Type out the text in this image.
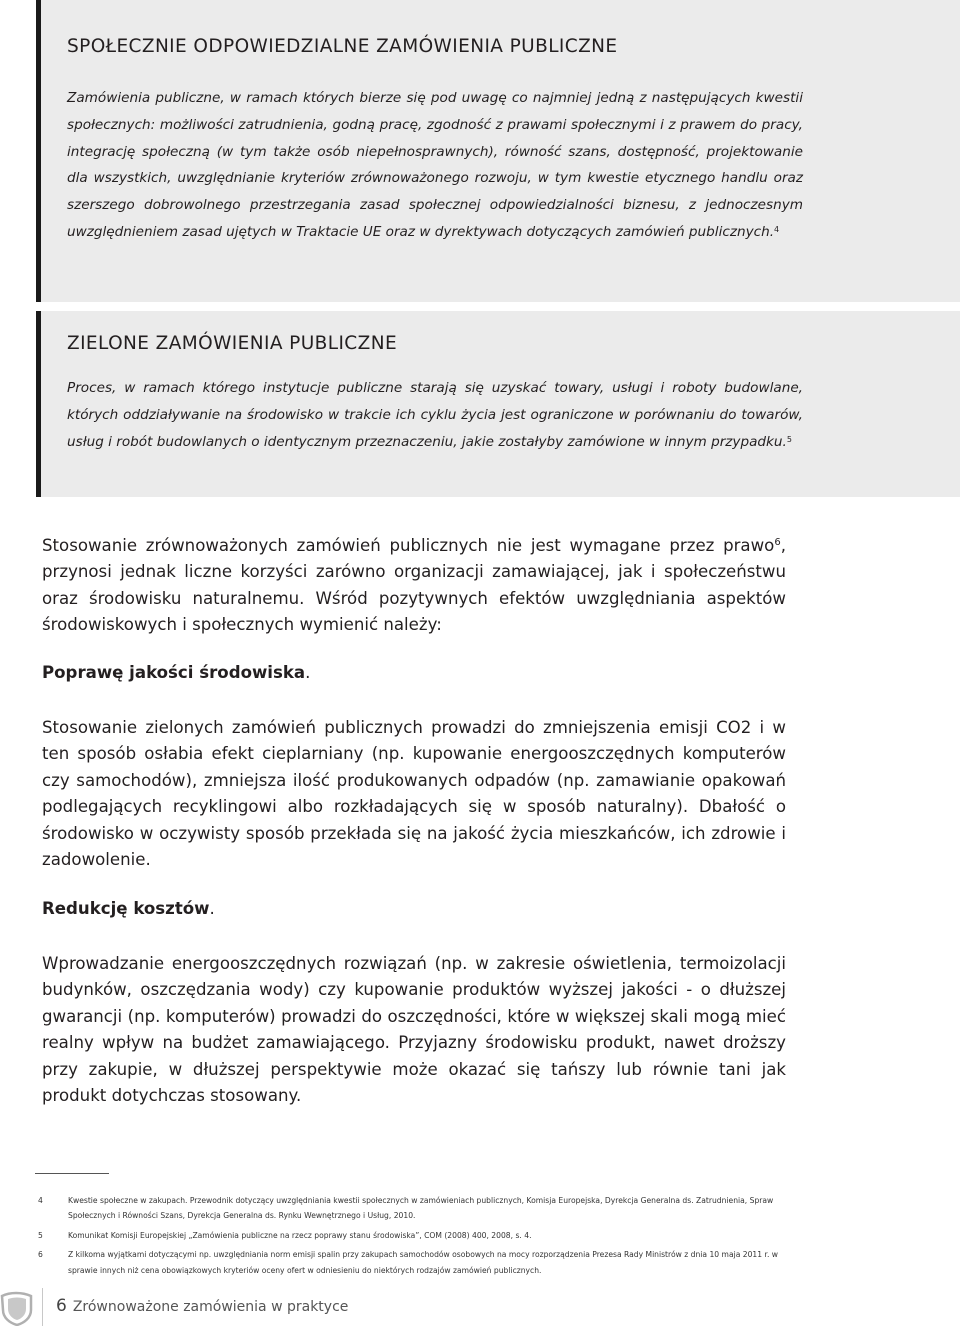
SPOŁECZNIE ODPOWIEDZIALNE ZAMÓWIENIA PUBLICZNE

Zamówienia publiczne, w ramach których bierze się pod uwagę co najmniej jedną z następujących kwestii społecznych: możliwości zatrudnienia, godną pracę, zgodność z prawami społecznymi i z prawem do pracy, integrację społeczną (w tym także osób niepełnosprawnych), równość szans, dostępność, projektowanie dla wszystkich, uwzględnianie kryteriów zrównoważonego rozwoju, w tym kwestie etycznego handlu oraz szerszego dobrowolnego przestrzegania zasad społecznej odpowiedzialności biznesu, z jednoczesnym uwzględnieniem zasad ujętych w Traktacie UE oraz w dyrektywach dotyczących zamówień publicznych.$^4$

ZIELONE ZAMÓWIENIA PUBLICZNE

Proces, w ramach którego instytucje publiczne starają się uzyskać towary, usługi i roboty budowlane, których oddziaływanie na środowisko w trakcie ich cyklu życia jest ograniczone w porównaniu do towarów, usług i robót budowlanych o identycznym przeznaczeniu, jakie zostałyby zamówione w innym przypadku.$^5$

Stosowanie zrównoważonych zamówień publicznych nie jest wymagane przez prawo$^6$, przynosi jednak liczne korzyści zarówno organizacji zamawiającej, jak i społeczeństwu oraz środowisku naturalnemu. Wśród pozytywnych efektów uwzględniania aspektów środowiskowych i społecznych wymienić należy:

Poprawę jakości środowiska.

Stosowanie zielonych zamówień publicznych prowadzi do zmniejszenia emisji CO2 i w ten sposób osłabia efekt cieplarniany (np. kupowanie energooszczędnych komputerów czy samochodów), zmniejsza ilość produkowanych odpadów (np. zamawianie opakowań podlegających recyklingowi albo rozkładających się w sposób naturalny). Dbałość o środowisko w oczywisty sposób przekłada się na jakość życia mieszkańców, ich zdrowie i zadowolenie.

Redukcję kosztów.

Wprowadzanie energooszczędnych rozwiązań (np. w zakresie oświetlenia, termoizolacji budynków, oszczędzania wody) czy kupowanie produktów wyższej jakości - o dłuższej gwarancji (np. komputerów) prowadzi do oszczędności, które w większej skali mogą mieć realny wpływ na budżet zamawiającego. Przyjazny środowisku produkt, nawet droższy przy zakupie, w dłuższej perspektywie może okazać się tańszy lub równie tani jak produkt dotychczas stosowany.

4	Kwestie społeczne w zakupach. Przewodnik dotyczący uwzględniania kwestii społecznych w zamówieniach publicznych, Komisja Europejska, Dyrekcja Generalna ds. Zatrudnienia, Spraw Społecznych i Równości Szans, Dyrekcja Generalna ds. Rynku Wewnętrznego i Usług, 2010.
5	Komunikat Komisji Europejskiej „Zamówienia publiczne na rzecz poprawy stanu środowiska”, COM (2008) 400, 2008, s. 4.
6	Z kilkoma wyjątkami dotyczącymi np. uwzględniania norm emisji spalin przy zakupach samochodów osobowych na mocy rozporządzenia Prezesa Rady Ministrów z dnia 10 maja 2011 r. w sprawie innych niż cena obowiązkowych kryteriów oceny ofert w odniesieniu do niektórych rodzajów zamówień publicznych.
6 Zrównoważone zamówienia w praktyce
